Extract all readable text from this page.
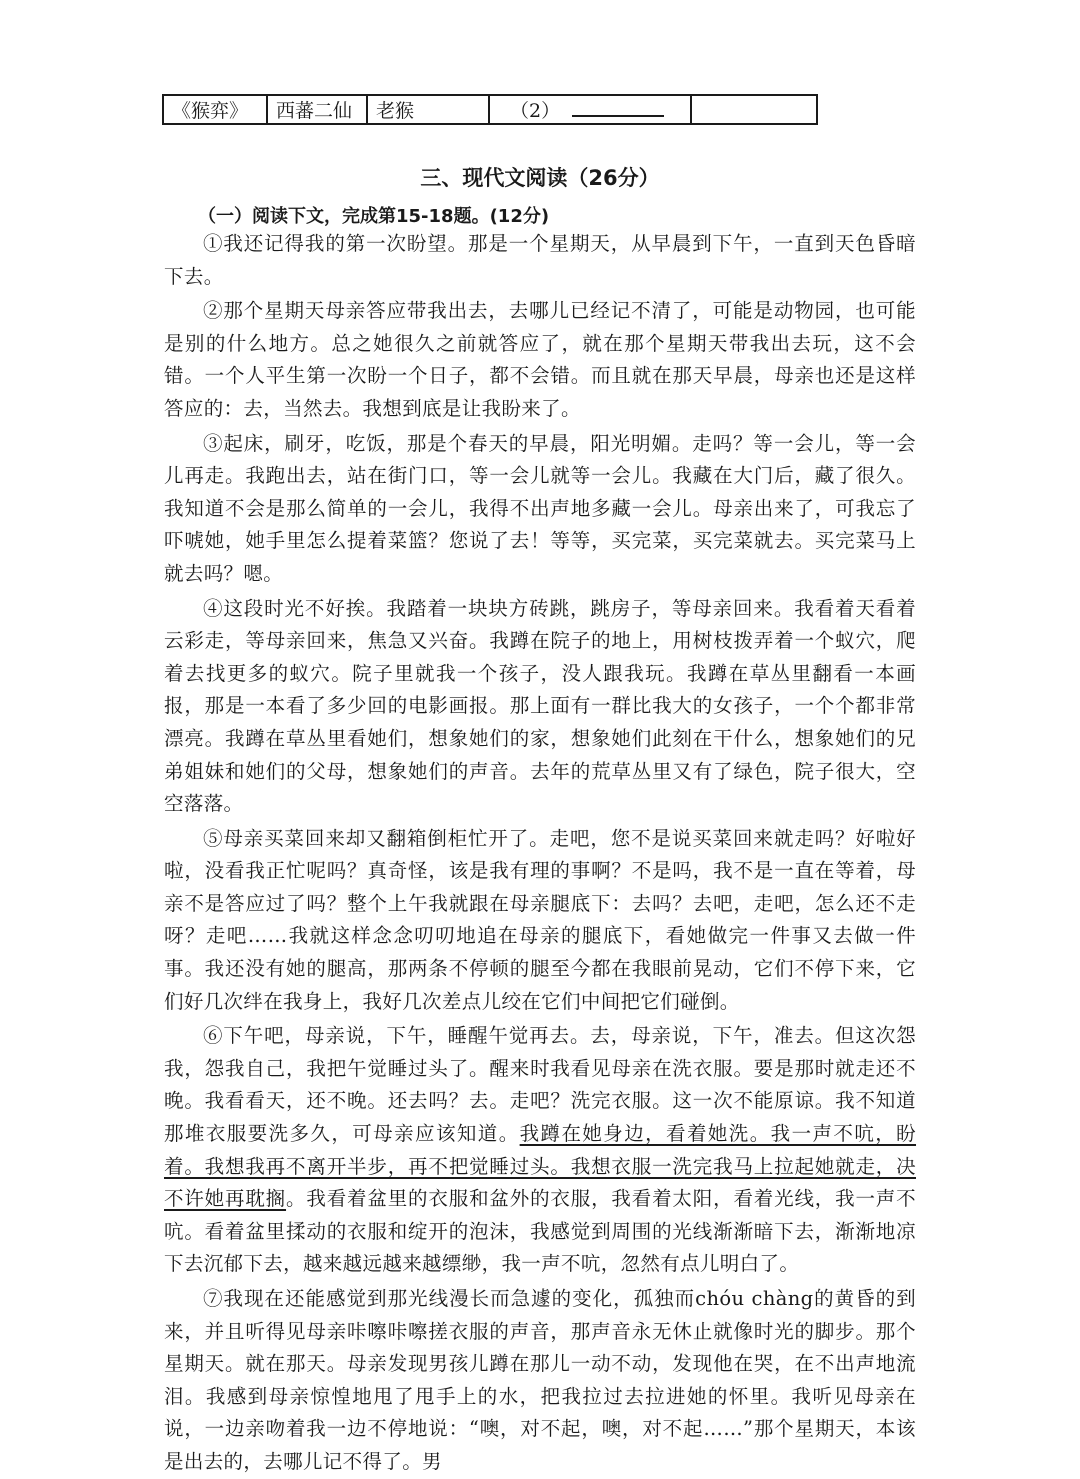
《猴弈》	西蕃二仙	老猴	（2）	
三、现代文阅读（26分）
（一）阅读下文，完成第15-18题。(12分)

①我还记得我的第一次盼望。那是一个星期天，从早晨到下午，一直到天色昏暗下去。

②那个星期天母亲答应带我出去，去哪儿已经记不清了，可能是动物园，也可能是别的什么地方。总之她很久之前就答应了，就在那个星期天带我出去玩，这不会错。一个人平生第一次盼一个日子，都不会错。而且就在那天早晨，母亲也还是这样答应的：去，当然去。我想到底是让我盼来了。

③起床，刷牙，吃饭，那是个春天的早晨，阳光明媚。走吗？等一会儿，等一会儿再走。我跑出去，站在街门口，等一会儿就等一会儿。我藏在大门后，藏了很久。我知道不会是那么简单的一会儿，我得不出声地多藏一会儿。母亲出来了，可我忘了吓唬她，她手里怎么提着菜篮？您说了去！等等，买完菜，买完菜就去。买完菜马上就去吗？嗯。

④这段时光不好挨。我踏着一块块方砖跳，跳房子，等母亲回来。我看着天看着云彩走，等母亲回来，焦急又兴奋。我蹲在院子的地上，用树枝拨弄着一个蚁穴，爬着去找更多的蚁穴。院子里就我一个孩子，没人跟我玩。我蹲在草丛里翻看一本画报，那是一本看了多少回的电影画报。那上面有一群比我大的女孩子，一个个都非常漂亮。我蹲在草丛里看她们，想象她们的家，想象她们此刻在干什么，想象她们的兄弟姐妹和她们的父母，想象她们的声音。去年的荒草丛里又有了绿色，院子很大，空空落落。

⑤母亲买菜回来却又翻箱倒柜忙开了。走吧，您不是说买菜回来就走吗？好啦好啦，没看我正忙呢吗？真奇怪，该是我有理的事啊？不是吗，我不是一直在等着，母亲不是答应过了吗？整个上午我就跟在母亲腿底下：去吗？去吧，走吧，怎么还不走呀？走吧……我就这样念念叨叨地追在母亲的腿底下，看她做完一件事又去做一件事。我还没有她的腿高，那两条不停顿的腿至今都在我眼前晃动，它们不停下来，它们好几次绊在我身上，我好几次差点儿绞在它们中间把它们碰倒。

⑥下午吧，母亲说，下午，睡醒午觉再去。去，母亲说，下午，准去。但这次怨我，怨我自己，我把午觉睡过头了。醒来时我看见母亲在洗衣服。要是那时就走还不晚。我看看天，还不晚。还去吗？去。走吧？洗完衣服。这一次不能原谅。我不知道那堆衣服要洗多久，可母亲应该知道。我蹲在她身边，看着她洗。我一声不吭，盼着。我想我再不离开半步，再不把觉睡过头。我想衣服一洗完我马上拉起她就走，决不许她再耽搁。我看着盆里的衣服和盆外的衣服，我看着太阳，看着光线，我一声不吭。看着盆里揉动的衣服和绽开的泡沫，我感觉到周围的光线渐渐暗下去，渐渐地凉下去沉郁下去，越来越远越来越缥缈，我一声不吭，忽然有点儿明白了。

⑦我现在还能感觉到那光线漫长而急遽的变化，孤独而chóu chàng的黄昏的到来，并且听得见母亲咔嚓咔嚓搓衣服的声音，那声音永无休止就像时光的脚步。那个星期天。就在那天。母亲发现男孩儿蹲在那儿一动不动，发现他在哭，在不出声地流泪。我感到母亲惊惶地甩了甩手上的水，把我拉过去拉进她的怀里。我听见母亲在说，一边亲吻着我一边不停地说：“噢，对不起，噢，对不起……”那个星期天，本该是出去的，去哪儿记不得了。男
